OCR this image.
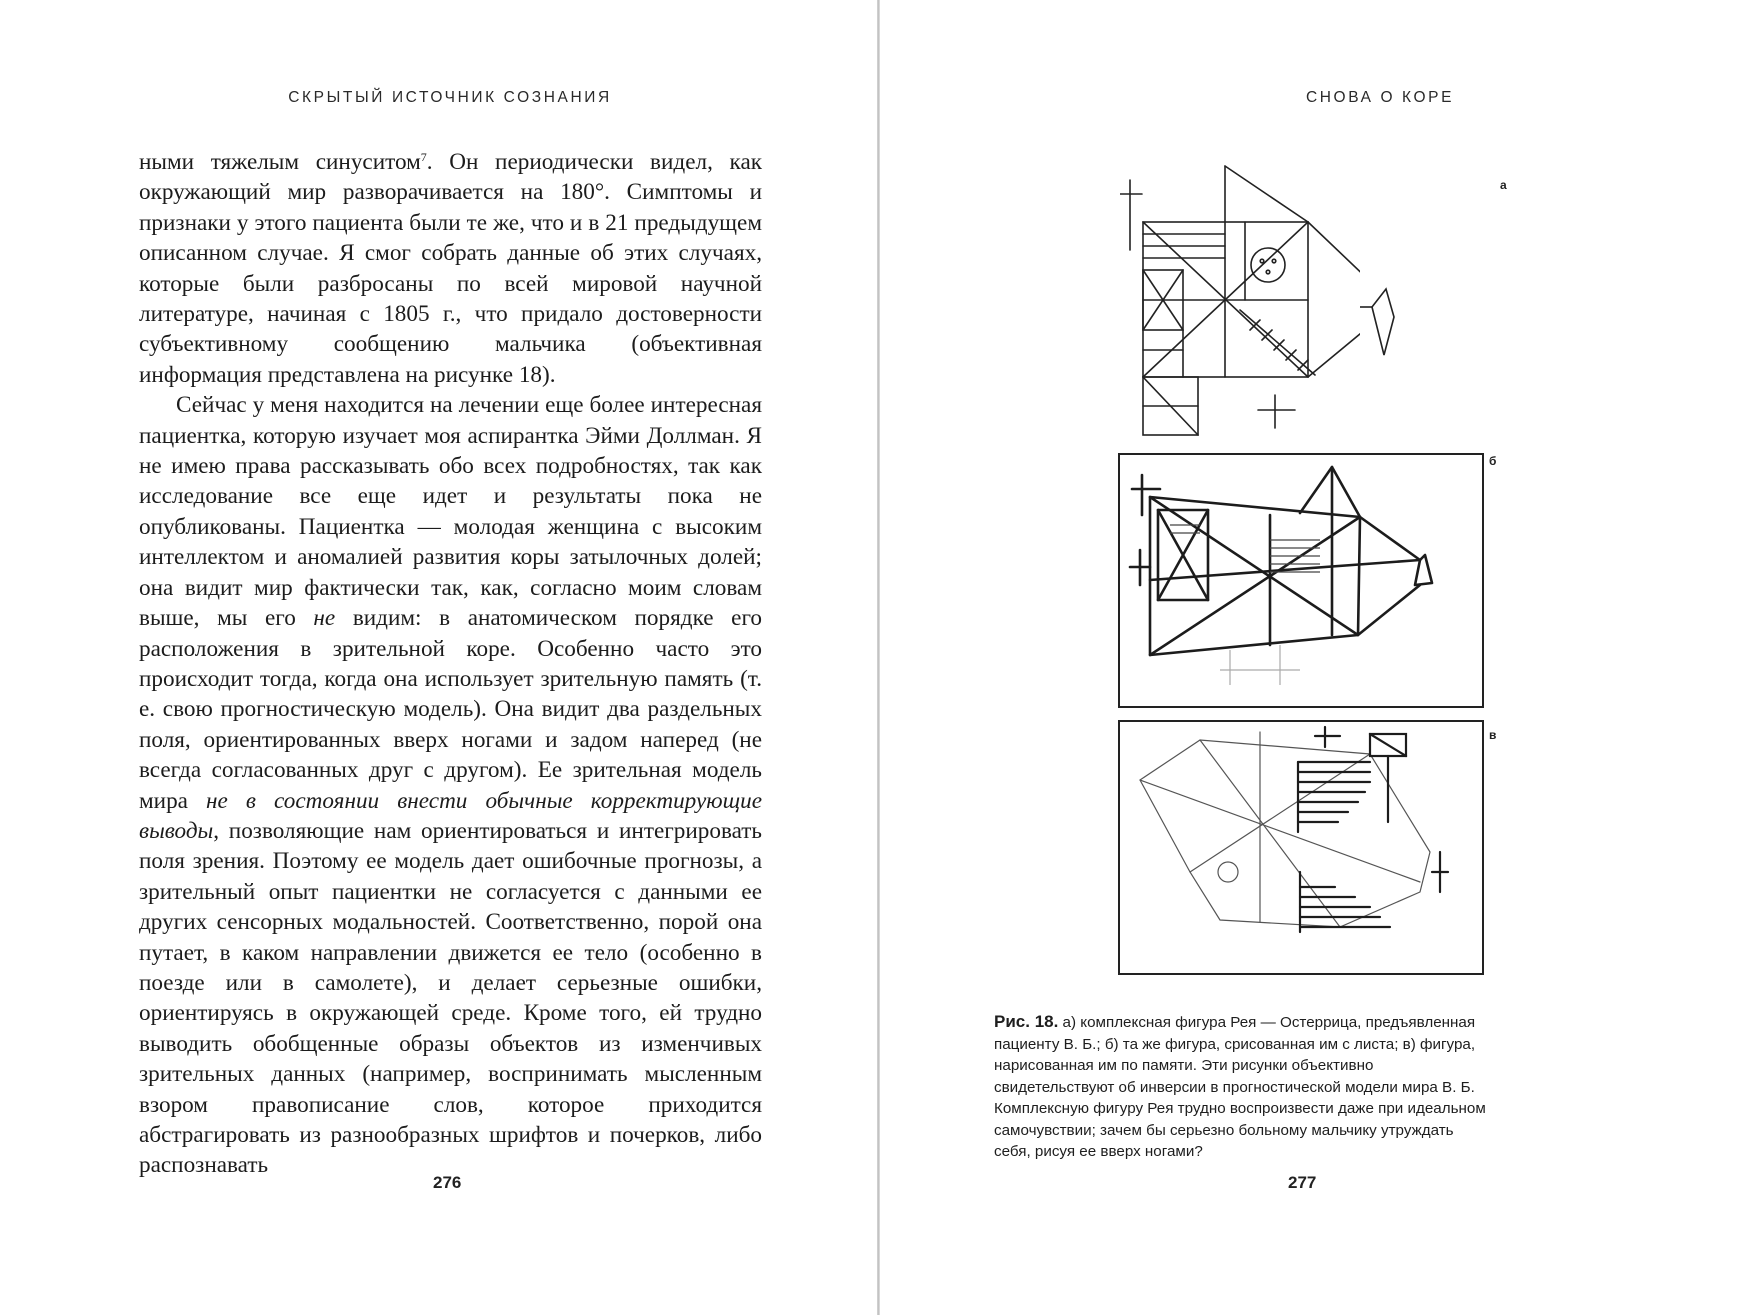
СКРЫТЫЙ ИСТОЧНИК СОЗНАНИЯ

ными тяжелым синуситом$^7$. Он периодически видел, как окружающий мир разворачивается на 180°. Симптомы и признаки у этого пациента были те же, что и в 21 предыдущем описанном случае. Я смог собрать данные об этих случаях, которые были разбросаны по всей мировой научной литературе, начиная с 1805 г., что придало достоверности субъективному сообщению мальчика (объективная информация представлена на рисунке 18).

Сейчас у меня находится на лечении еще более интересная пациентка, которую изучает моя аспирантка Эйми Доллман. Я не имею права рассказывать обо всех подробностях, так как исследование все еще идет и результаты пока не опубликованы. Пациентка — молодая женщина с высоким интеллектом и аномалией развития коры затылочных долей; она видит мир фактически так, как, согласно моим словам выше, мы его не видим: в анатомическом порядке его расположения в зрительной коре. Особенно часто это происходит тогда, когда она использует зрительную память (т. е. свою прогностическую модель). Она видит два раздельных поля, ориентированных вверх ногами и задом наперед (не всегда согласованных друг с другом). Ее зрительная модель мира не в состоянии внести обычные корректирующие выводы, позволяющие нам ориентироваться и интегрировать поля зрения. Поэтому ее модель дает ошибочные прогнозы, а зрительный опыт пациентки не согласуется с данными ее других сенсорных модальностей. Соответственно, порой она путает, в каком направлении движется ее тело (особенно в поезде или в самолете), и делает серьезные ошибки, ориентируясь в окружающей среде. Кроме того, ей трудно выводить обобщенные образы объектов из изменчивых зрительных данных (например, воспринимать мысленным взором правописание слов, которое приходится абстрагировать из разнообразных шрифтов и почерков, либо распознавать

276
СНОВА О КОРЕ
а
б
в
Рис. 18. а) комплексная фигура Рея — Остеррица, предъявленная пациенту В. Б.; б) та же фигура, срисованная им с листа; в) фигура, нарисованная им по памяти. Эти рисунки объективно свидетельствуют об инверсии в прогностической модели мира В. Б. Комплексную фигуру Рея трудно воспроизвести даже при идеальном самочувствии; зачем бы серьезно больному мальчику утруждать себя, рисуя ее вверх ногами?
277
